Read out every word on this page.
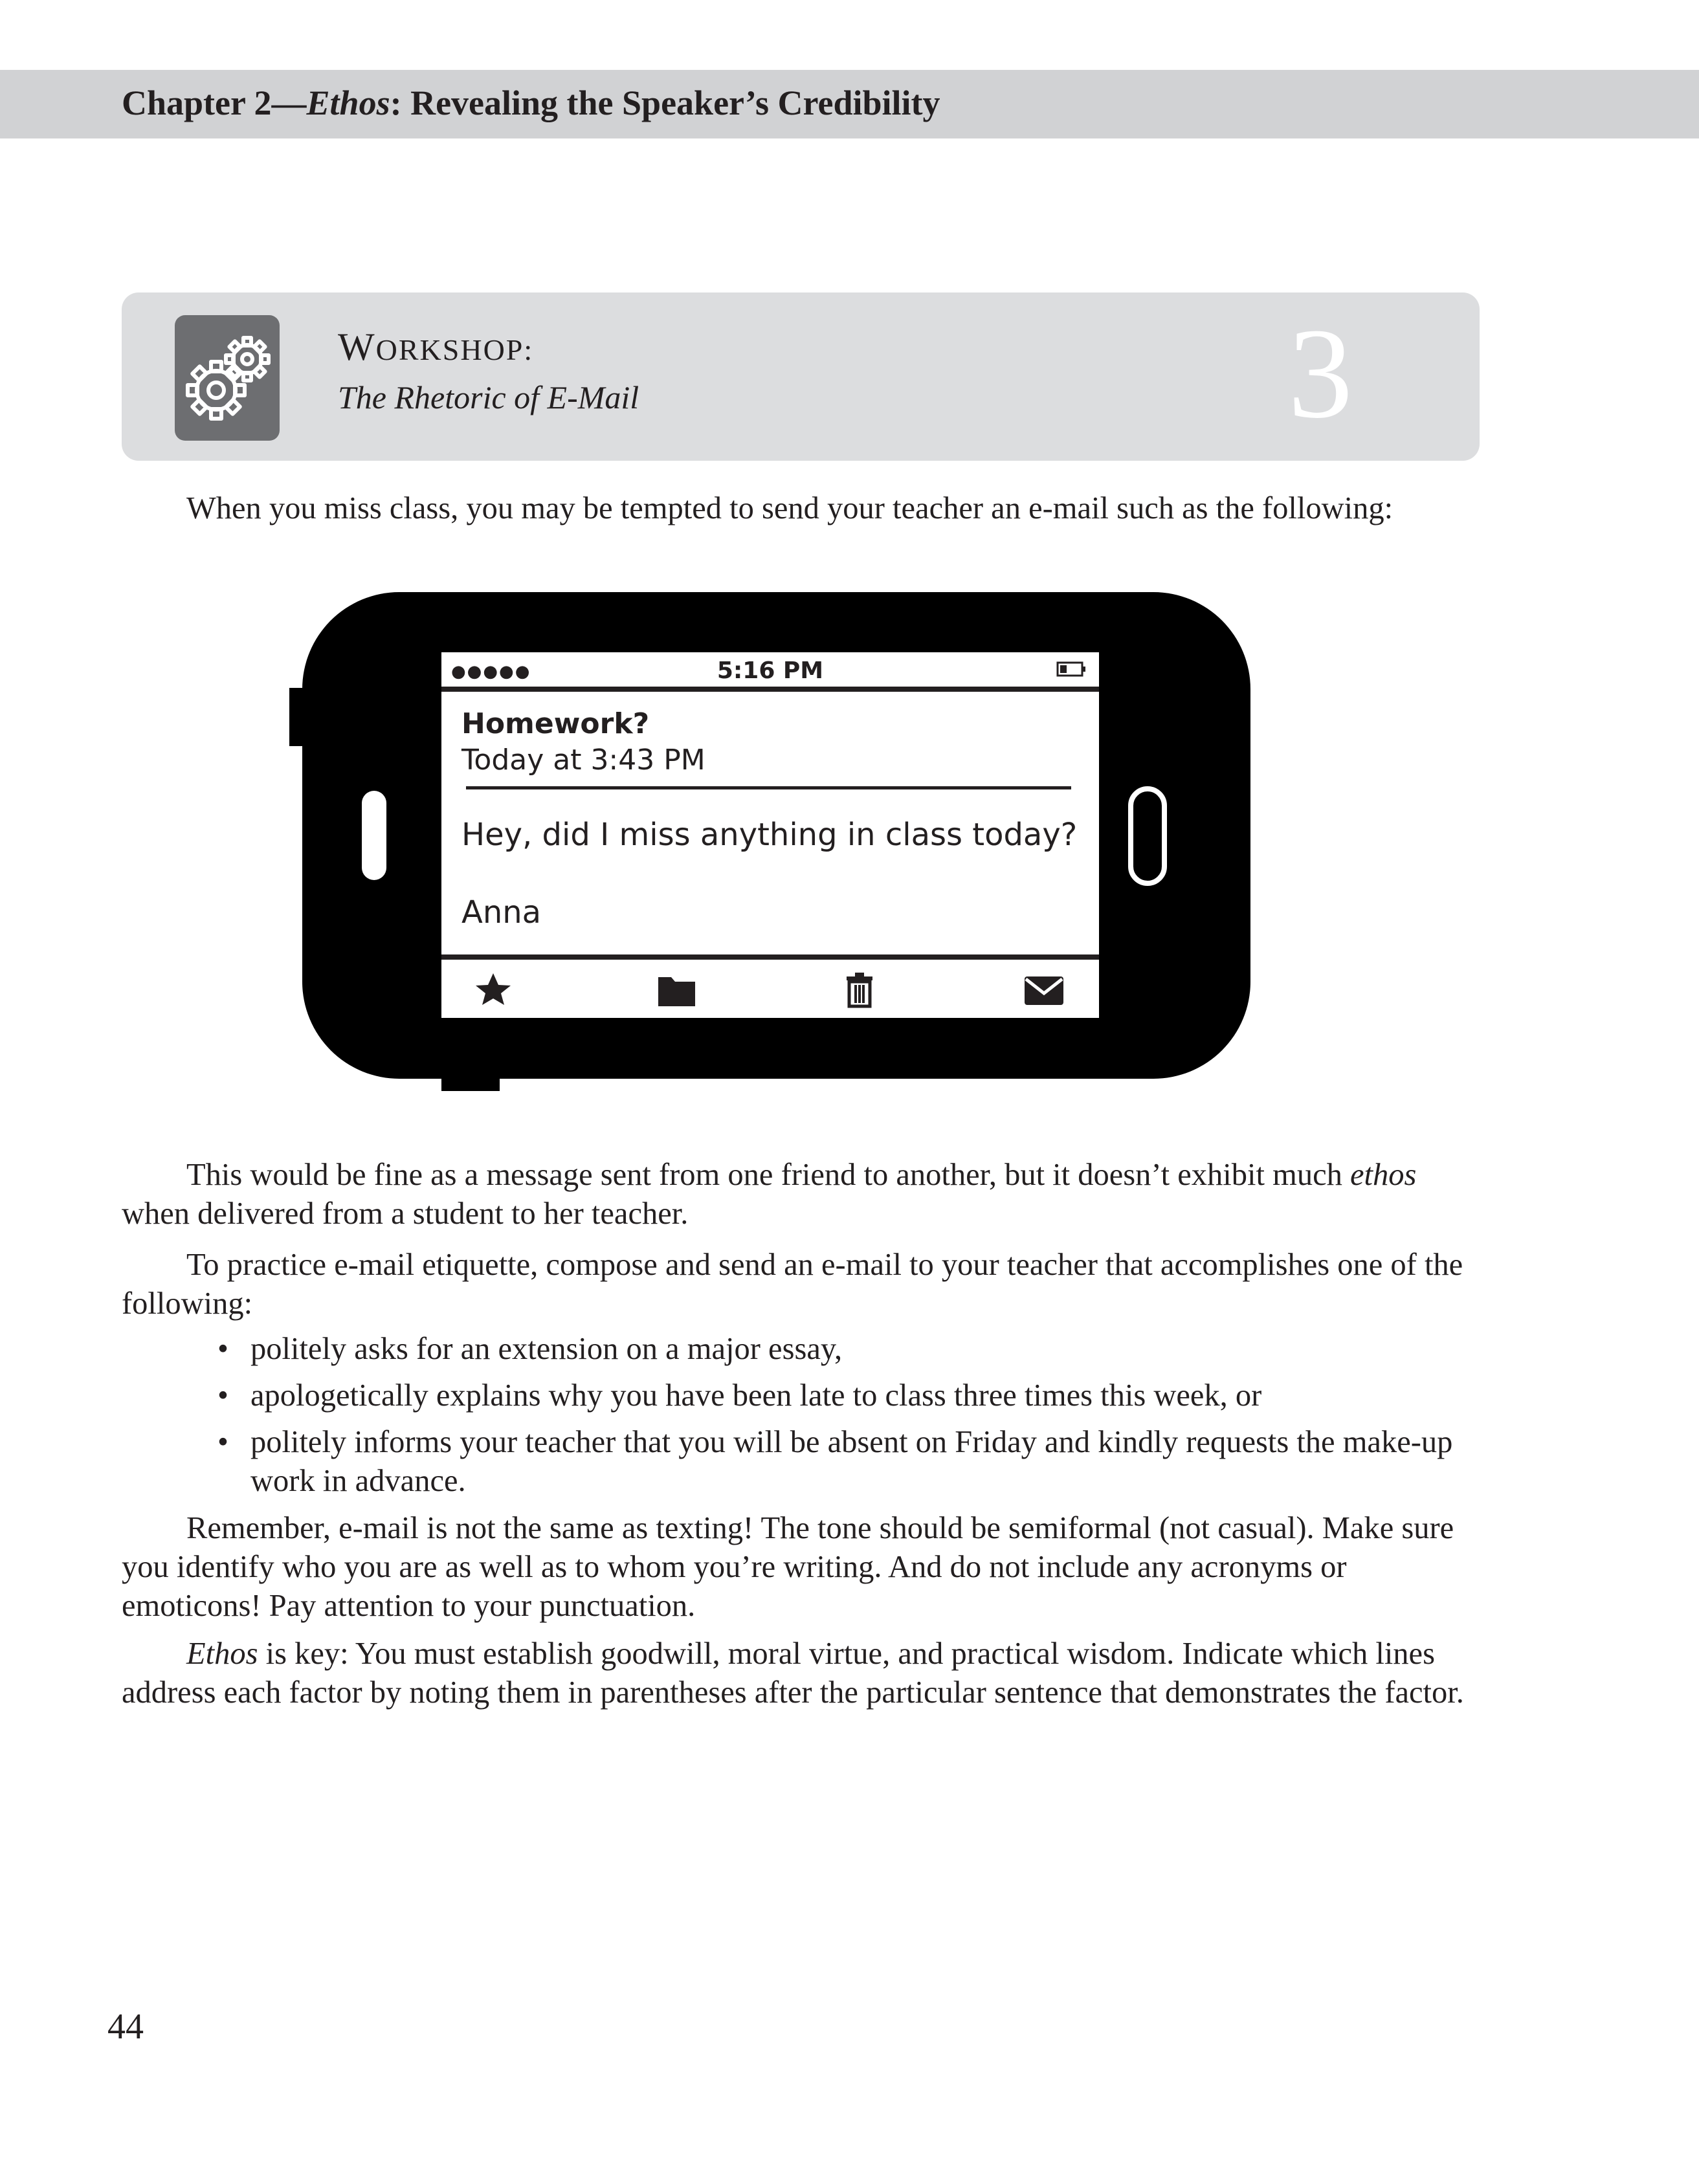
Chapter 2—Ethos: Revealing the Speaker’s Credibility
WORKSHOP:
The Rhetoric of E-Mail	3
When you miss class, you may be tempted to send your teacher an e-mail such as the following:
●●●●●	5:16 PM
Homework?
Today at 3:43 PM
Hey, did I miss anything in class today?
Anna
This would be fine as a message sent from one friend to another, but it doesn’t exhibit much ethos when delivered from a student to her teacher.
To practice e-mail etiquette, compose and send an e-mail to your teacher that accomplishes one of the following:
• politely asks for an extension on a major essay,
• apologetically explains why you have been late to class three times this week, or
• politely informs your teacher that you will be absent on Friday and kindly requests the make-up work in advance.
Remember, e-mail is not the same as texting! The tone should be semiformal (not casual). Make sure you identify who you are as well as to whom you’re writing. And do not include any acronyms or emoticons! Pay attention to your punctuation.
Ethos is key: You must establish goodwill, moral virtue, and practical wisdom. Indicate which lines address each factor by noting them in parentheses after the particular sentence that demonstrates the factor.
44
